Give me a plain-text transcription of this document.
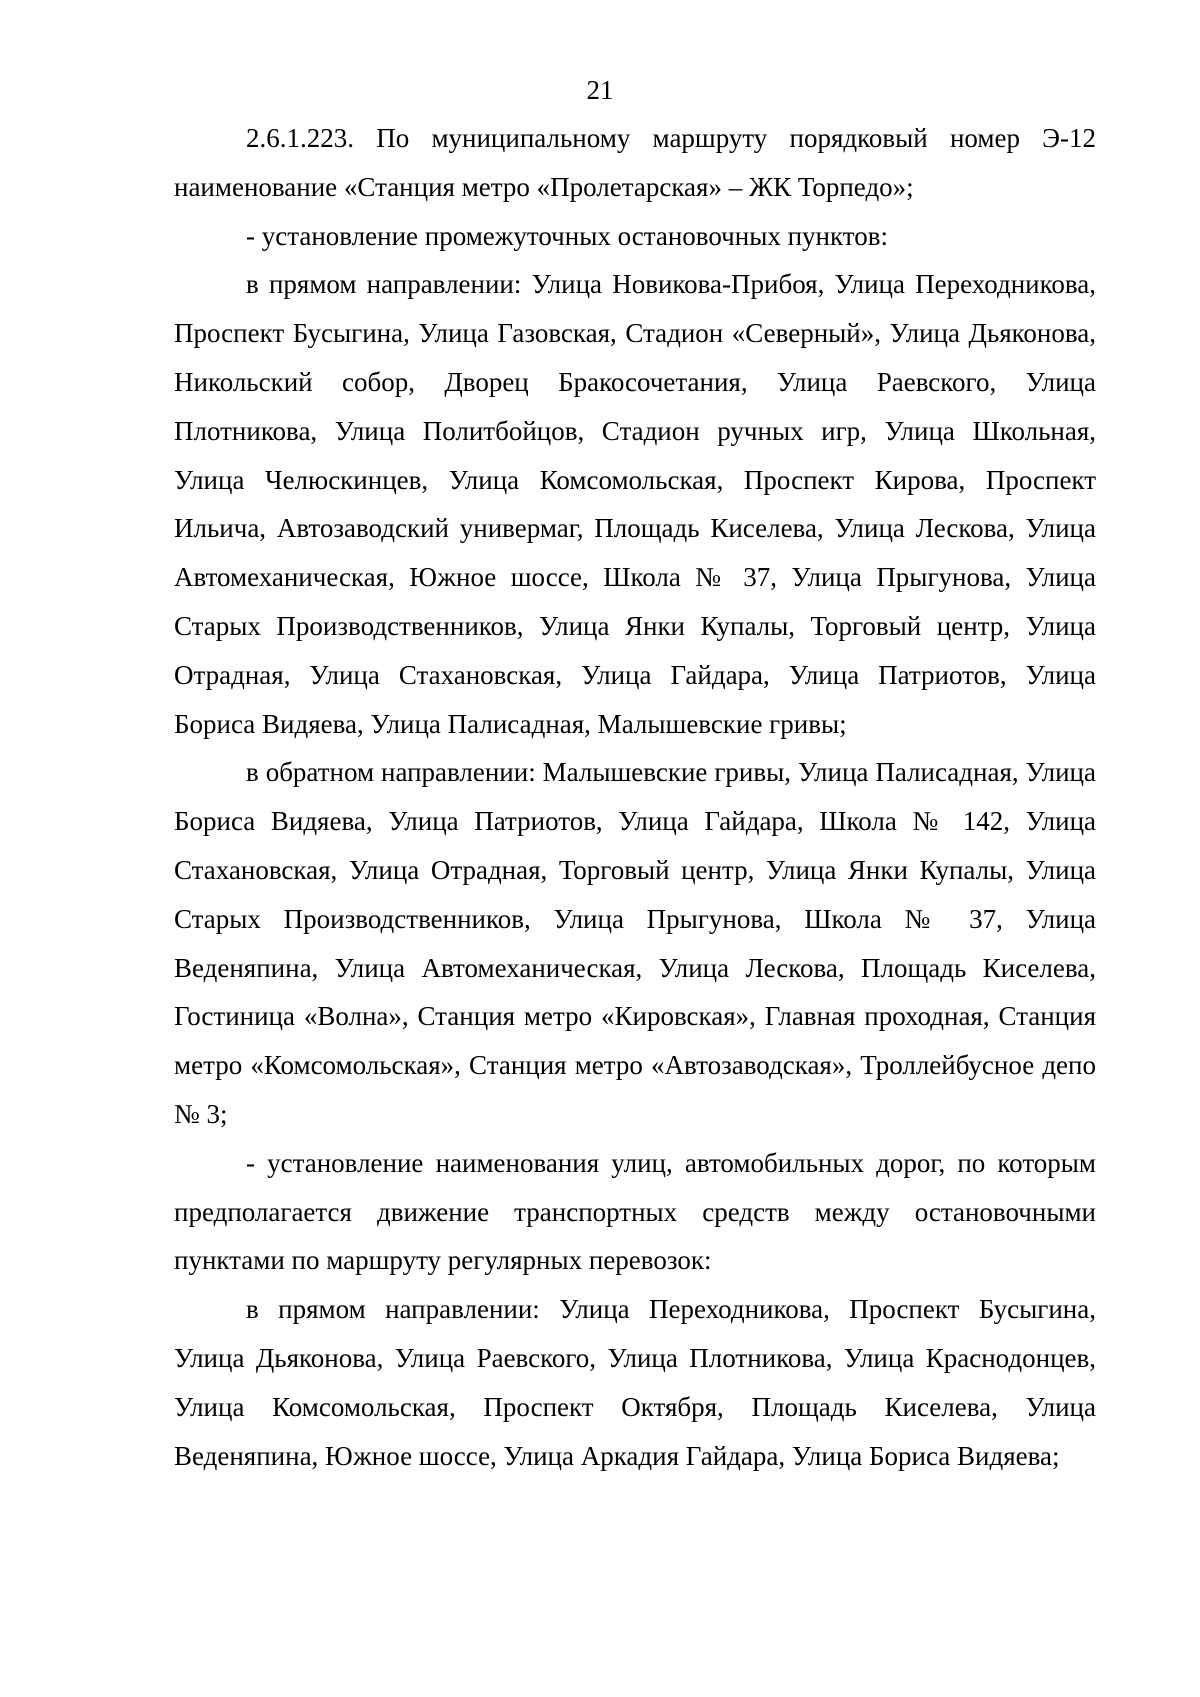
21

2.6.1.223. По муниципальному маршруту порядковый номер Э-12 наименование «Станция метро «Пролетарская» – ЖК Торпедо»;

- установление промежуточных остановочных пунктов:

в прямом направлении: Улица Новикова-Прибоя, Улица Переходникова, Проспект Бусыгина, Улица Газовская, Стадион «Северный», Улица Дьяконова, Никольский собор, Дворец Бракосочетания, Улица Раевского, Улица Плотникова, Улица Политбойцов, Стадион ручных игр, Улица Школьная, Улица Челюскинцев, Улица Комсомольская, Проспект Кирова, Проспект Ильича, Автозаводский универмаг, Площадь Киселева, Улица Лескова, Улица Автомеханическая, Южное шоссе, Школа № 37, Улица Прыгунова, Улица Старых Производственников, Улица Янки Купалы, Торговый центр, Улица Отрадная, Улица Стахановская, Улица Гайдара, Улица Патриотов, Улица Бориса Видяева, Улица Палисадная, Малышевские гривы;

в обратном направлении: Малышевские гривы, Улица Палисадная, Улица Бориса Видяева, Улица Патриотов, Улица Гайдара, Школа № 142, Улица Стахановская, Улица Отрадная, Торговый центр, Улица Янки Купалы, Улица Старых Производственников, Улица Прыгунова, Школа № 37, Улица Веденяпина, Улица Автомеханическая, Улица Лескова, Площадь Киселева, Гостиница «Волна», Станция метро «Кировская», Главная проходная, Станция метро «Комсомольская», Станция метро «Автозаводская», Троллейбусное депо № 3;

- установление наименования улиц, автомобильных дорог, по которым предполагается движение транспортных средств между остановочными пунктами по маршруту регулярных перевозок:

в прямом направлении: Улица Переходникова, Проспект Бусыгина, Улица Дьяконова, Улица Раевского, Улица Плотникова, Улица Краснодонцев, Улица Комсомольская, Проспект Октября, Площадь Киселева, Улица Веденяпина, Южное шоссе, Улица Аркадия Гайдара, Улица Бориса Видяева;
